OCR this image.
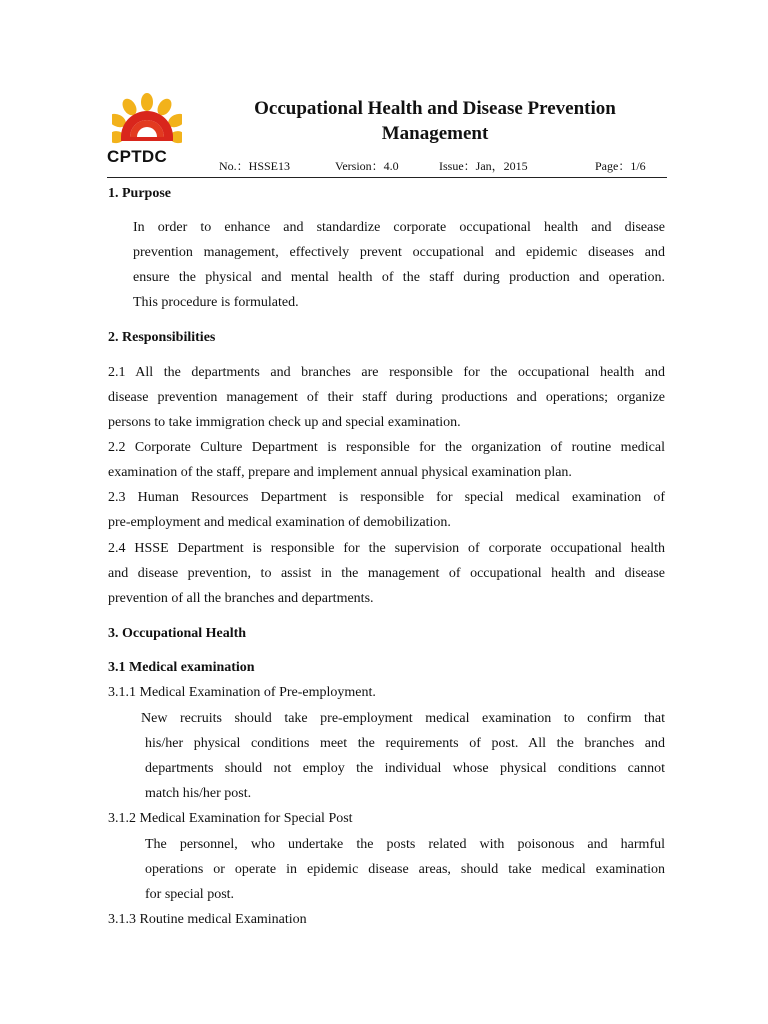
CPTDC
Occupational Health and Disease Prevention
Management
No.：HSSE13	Version：4.0	Issue：Jan，2015	Page：1/6
1. Purpose
In order to enhance and standardize corporate occupational health and disease
prevention management, effectively prevent occupational and epidemic diseases and
ensure the physical and mental health of the staff during production and operation.
This procedure is formulated.
2. Responsibilities
2.1 All the departments and branches are responsible for the occupational health and
disease prevention management of their staff during productions and operations; organize
persons to take immigration check up and special examination.
2.2 Corporate Culture Department is responsible for the organization of routine medical
examination of the staff, prepare and implement annual physical examination plan.
2.3 Human Resources Department is responsible for special medical examination of
pre-employment and medical examination of demobilization.
2.4 HSSE Department is responsible for the supervision of corporate occupational health
and disease prevention, to assist in the management of occupational health and disease
prevention of all the branches and departments.
3. Occupational Health
3.1 Medical examination
3.1.1 Medical Examination of Pre-employment.
New recruits should take pre-employment medical examination to confirm that
his/her physical conditions meet the requirements of post. All the branches and
departments should not employ the individual whose physical conditions cannot
match his/her post.
3.1.2 Medical Examination for Special Post
The personnel, who undertake the posts related with poisonous and harmful
operations or operate in epidemic disease areas, should take medical examination
for special post.
3.1.3 Routine medical Examination
